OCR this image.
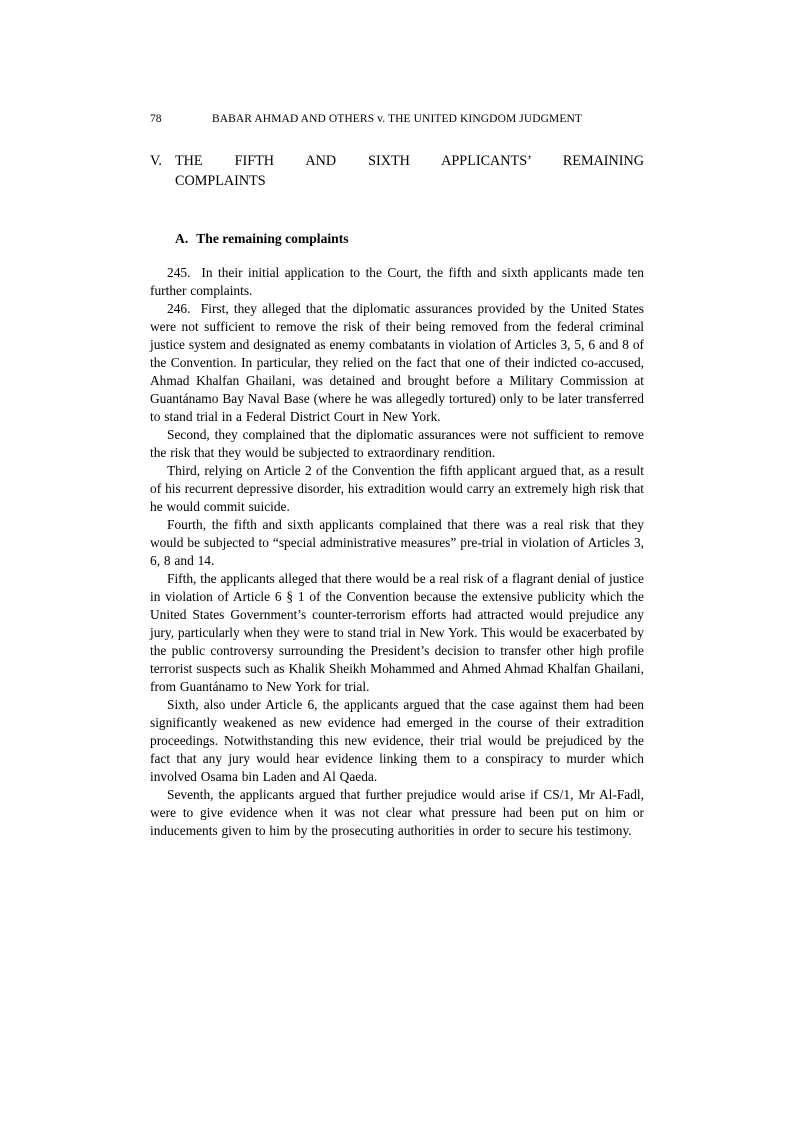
78	BABAR AHMAD AND OTHERS v. THE UNITED KINGDOM JUDGMENT
V. THE FIFTH AND SIXTH APPLICANTS’ REMAINING
COMPLAINTS
A. The remaining complaints

245.  In their initial application to the Court, the fifth and sixth applicants made ten further complaints.

246.  First, they alleged that the diplomatic assurances provided by the United States were not sufficient to remove the risk of their being removed from the federal criminal justice system and designated as enemy combatants in violation of Articles 3, 5, 6 and 8 of the Convention. In particular, they relied on the fact that one of their indicted co-accused, Ahmad Khalfan Ghailani, was detained and brought before a Military Commission at Guantánamo Bay Naval Base (where he was allegedly tortured) only to be later transferred to stand trial in a Federal District Court in New York.

Second, they complained that the diplomatic assurances were not sufficient to remove the risk that they would be subjected to extraordinary rendition.

Third, relying on Article 2 of the Convention the fifth applicant argued that, as a result of his recurrent depressive disorder, his extradition would carry an extremely high risk that he would commit suicide.

Fourth, the fifth and sixth applicants complained that there was a real risk that they would be subjected to “special administrative measures” pre-trial in violation of Articles 3, 6, 8 and 14.

Fifth, the applicants alleged that there would be a real risk of a flagrant denial of justice in violation of Article 6 § 1 of the Convention because the extensive publicity which the United States Government’s counter-terrorism efforts had attracted would prejudice any jury, particularly when they were to stand trial in New York. This would be exacerbated by the public controversy surrounding the President’s decision to transfer other high profile terrorist suspects such as Khalik Sheikh Mohammed and Ahmed Ahmad Khalfan Ghailani, from Guantánamo to New York for trial.

Sixth, also under Article 6, the applicants argued that the case against them had been significantly weakened as new evidence had emerged in the course of their extradition proceedings. Notwithstanding this new evidence, their trial would be prejudiced by the fact that any jury would hear evidence linking them to a conspiracy to murder which involved Osama bin Laden and Al Qaeda.

Seventh, the applicants argued that further prejudice would arise if CS/1, Mr Al-Fadl, were to give evidence when it was not clear what pressure had been put on him or inducements given to him by the prosecuting authorities in order to secure his testimony.
